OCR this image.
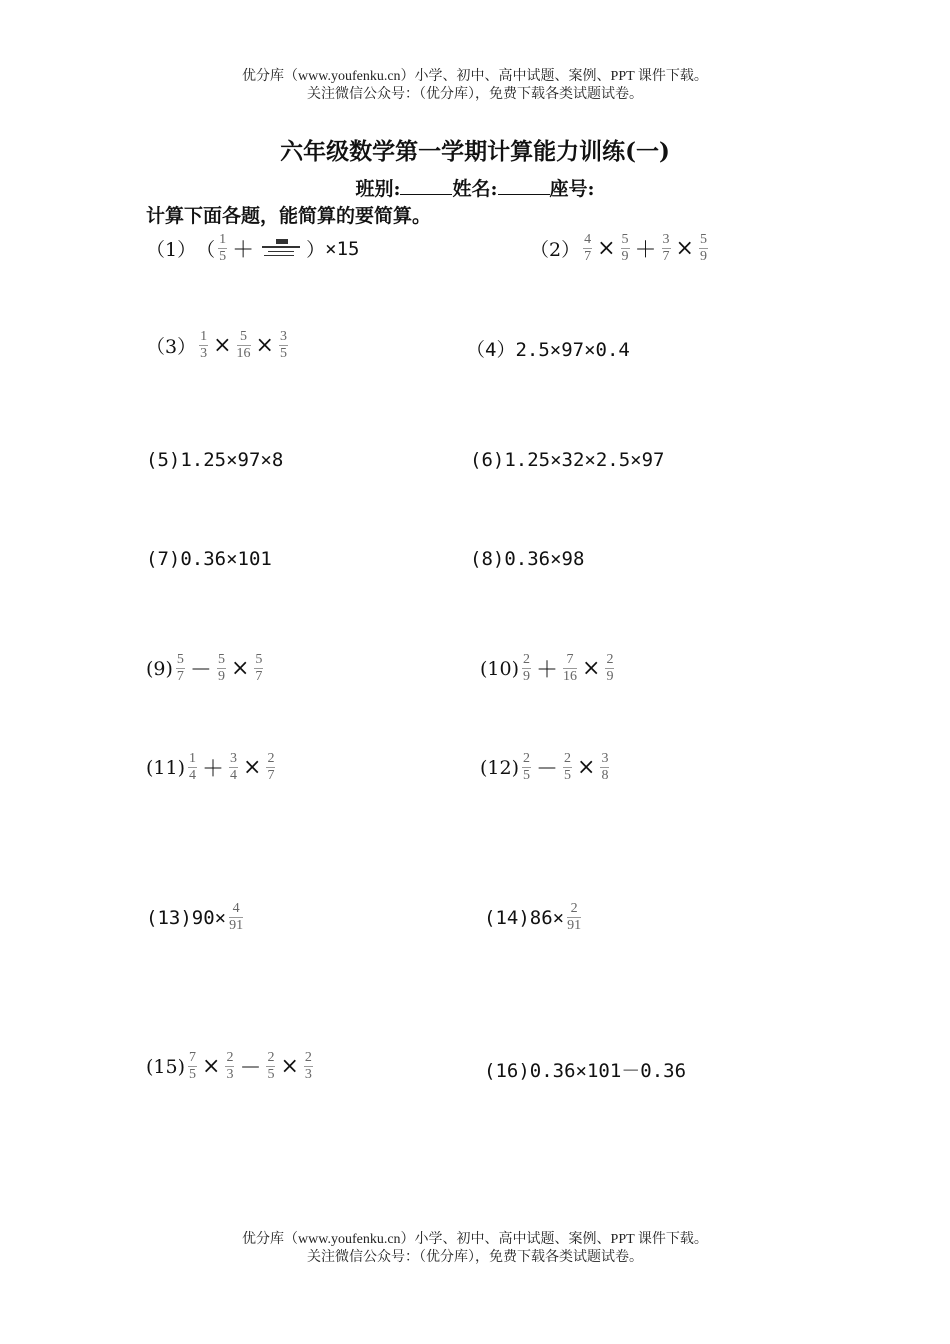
优分库（www.youfenku.cn）小学、初中、高中试题、案例、PPT 课件下载。
关注微信公众号：（优分库），免费下载各类试题试卷。
六年级数学第一学期计算能力训练(一)
班别:	姓名:	座号:
计算下面各题，能简算的要简算。
（1） （ $\frac{1}{5}$ ＋	） ×15	$(2) \frac{4}{7} \times \frac{5}{9} + \frac{3}{7} \times \frac{5}{9}$
$(3) \frac{1}{3} \times \frac{5}{16} \times \frac{3}{5}$	（4）2.5×97×0.4
(5)1.25×97×8	(6)1.25×32×2.5×97
(7)0.36×101	(8)0.36×98
$(9) \frac{5}{7} - \frac{5}{9} \times \frac{5}{7}$	$(10) \frac{2}{9} + \frac{7}{16} \times \frac{2}{9}$
$(11) \frac{1}{4} + \frac{3}{4} \times \frac{2}{7}$	$(12) \frac{2}{5} - \frac{2}{5} \times \frac{3}{8}$
$(13)90\times \frac{4}{91}$	$(14)86\times \frac{2}{91}$
$(15) \frac{7}{5} \times \frac{2}{3} - \frac{2}{5} \times \frac{2}{3}$	(16)0.36×101－0.36
优分库（www.youfenku.cn）小学、初中、高中试题、案例、PPT 课件下载。
关注微信公众号：（优分库），免费下载各类试题试卷。
